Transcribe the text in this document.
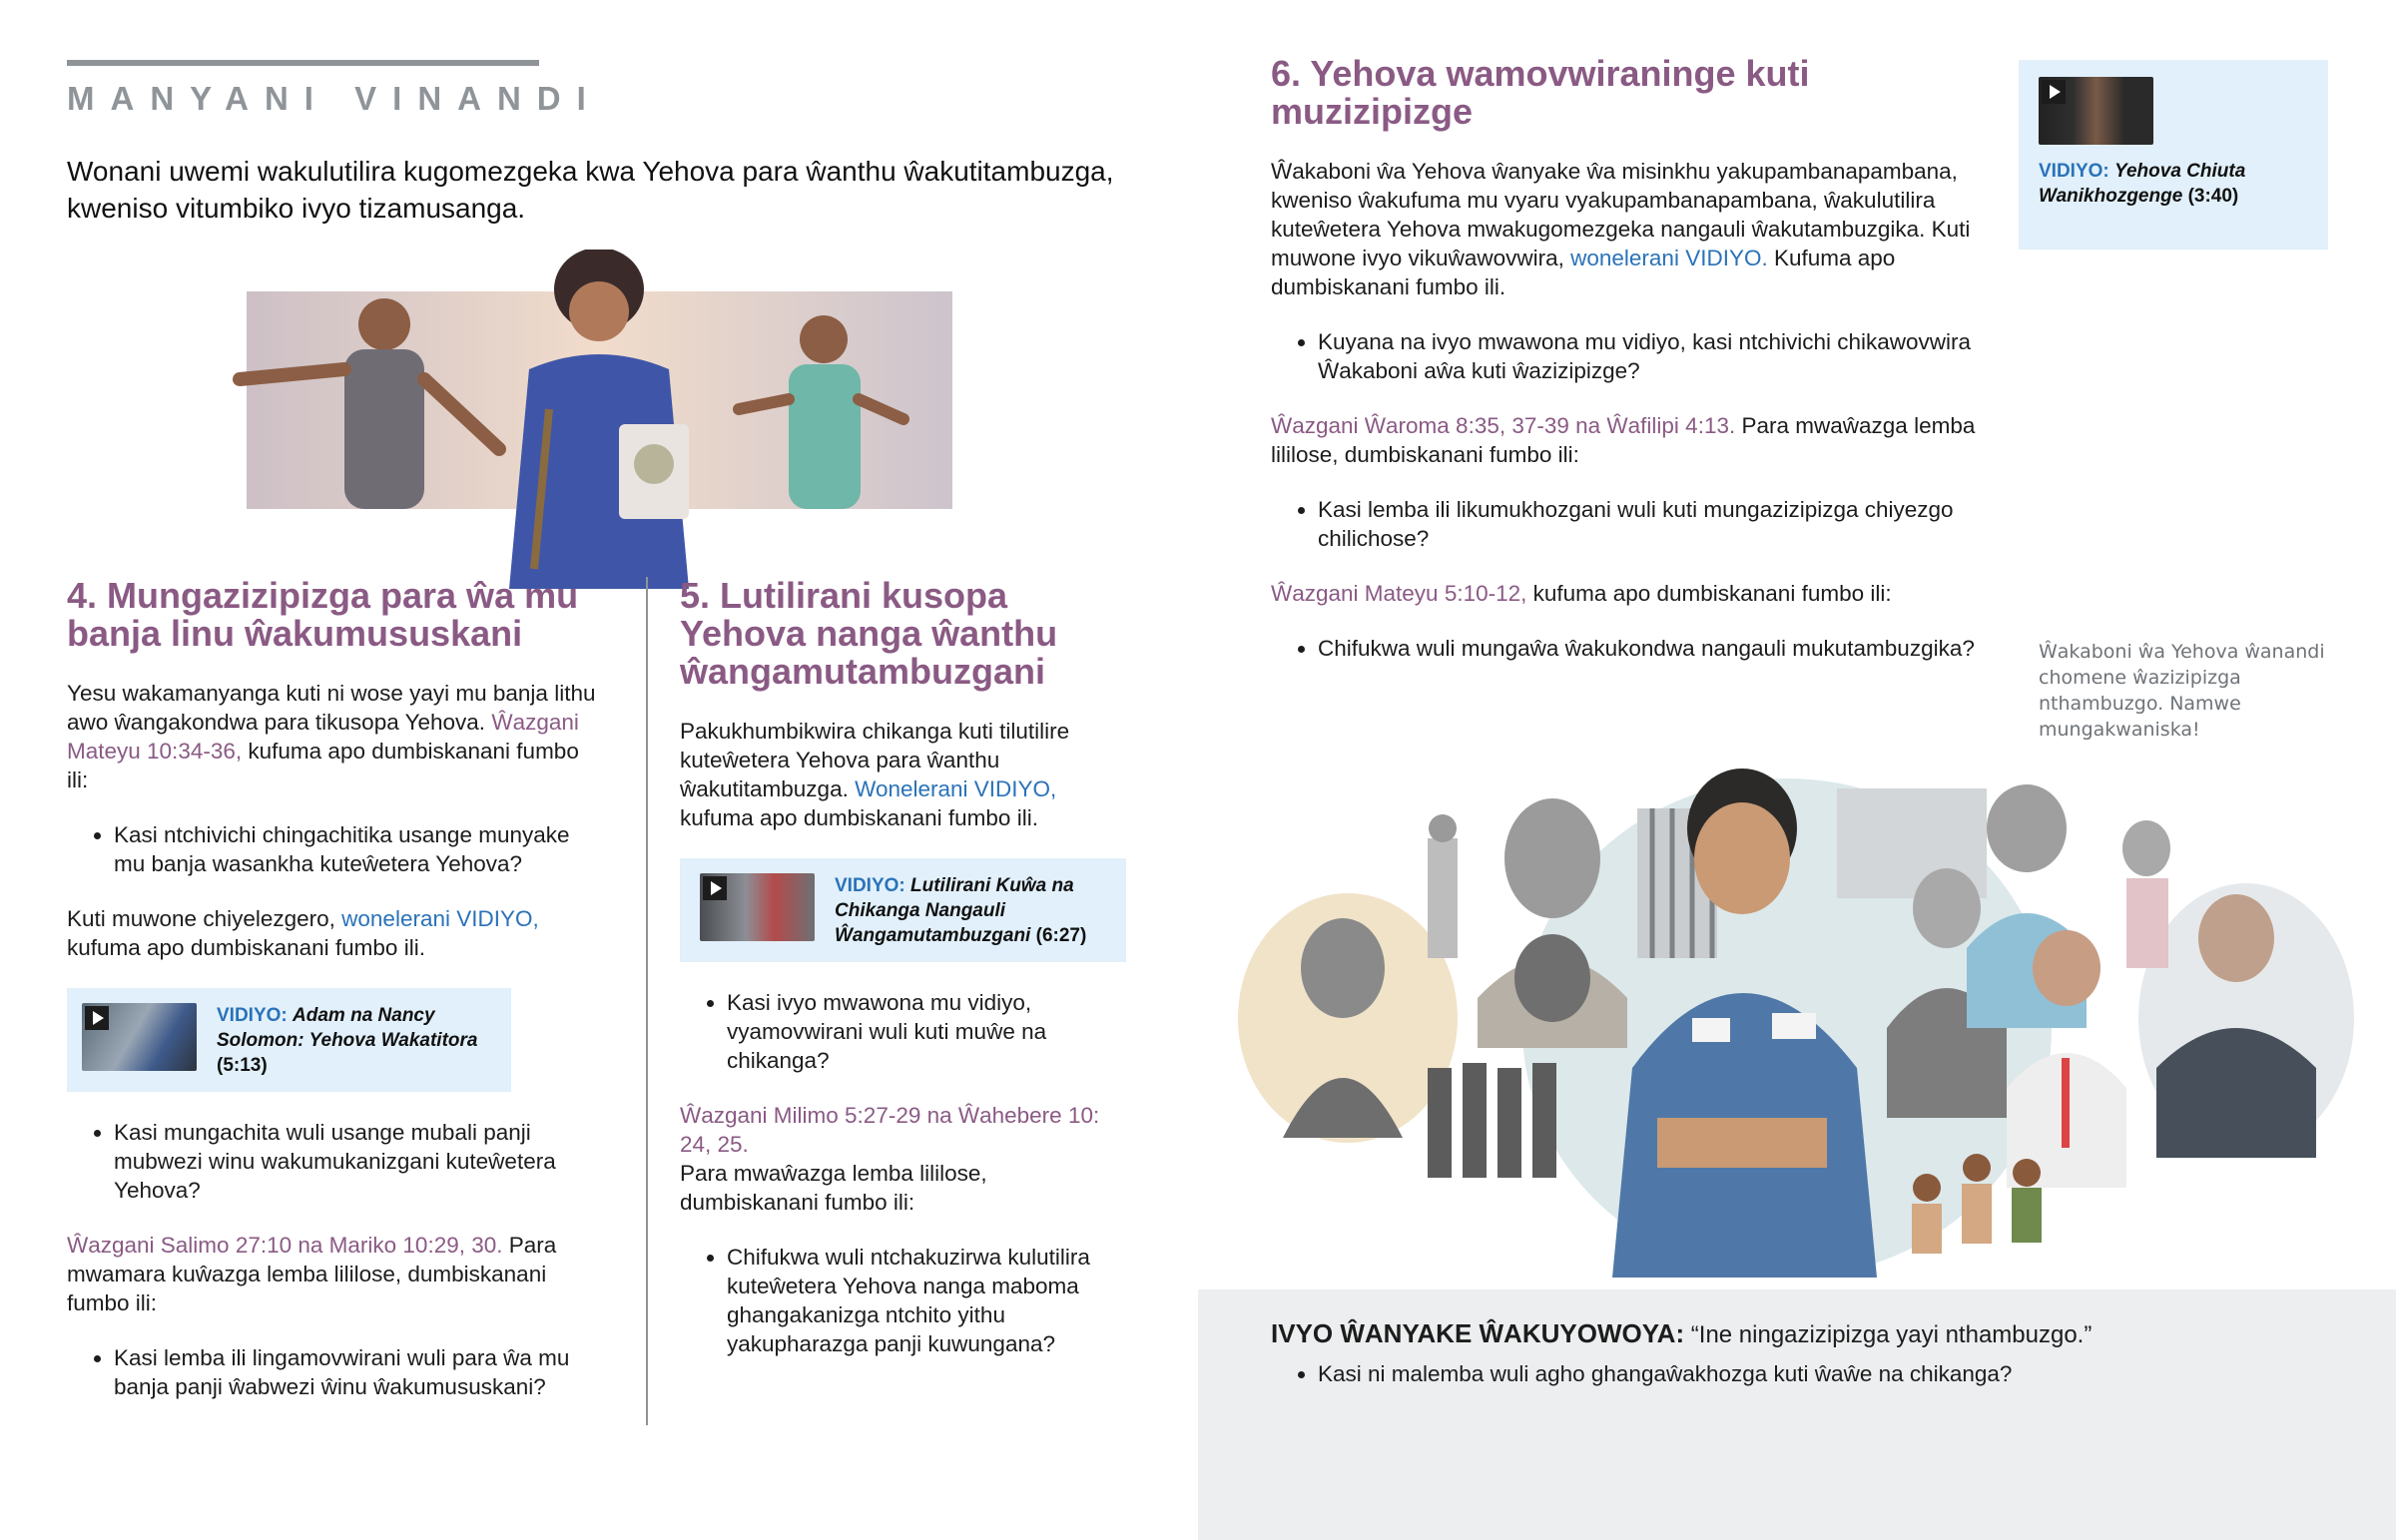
MANYANI VINANDI

Wonani uwemi wakulutilira kugomezgeka kwa Yehova para ŵanthu ŵakutitambuzga, kweniso vitumbiko ivyo tizamusanga.

4. Mungazizipizga para ŵa mu banja linu ŵakumususkani

Yesu wakamanyanga kuti ni wose yayi mu banja lithu awo ŵangakondwa para tikusopa Yehova. Ŵazgani Mateyu 10:34-36, kufuma apo dumbiskanani fumbo ili:

• Kasi ntchivichi chingachitika usange munyake mu banja wasankha kuteŵetera Yehova?

Kuti muwone chiyelezgero, wonelerani VIDIYO, kufuma apo dumbiskanani fumbo ili.

VIDIYO: Adam na Nancy Solomon: Yehova Wakatitora (5:13)
• Kasi mungachita wuli usange mubali panji mubwezi winu wakumukanizgani kuteŵetera Yehova?

Ŵazgani Salimo 27:10 na Mariko 10:29, 30. Para mwamara kuŵazga lemba lililose, dumbiskanani fumbo ili:

• Kasi lemba ili lingamovwirani wuli para ŵa mu banja panji ŵabwezi ŵinu ŵakumususkani?
5. Lutilirani kusopa Yehova nanga ŵanthu ŵangamutambuzgani

Pakukhumbikwira chikanga kuti tilutilire kuteŵetera Yehova para ŵanthu ŵakutitambuzga. Wonelerani VIDIYO, kufuma apo dumbiskanani fumbo ili.

VIDIYO: Lutilirani Kuŵa na Chikanga Nangauli Ŵangamutambuzgani (6:27)
• Kasi ivyo mwawona mu vidiyo, vyamovwirani wuli kuti muŵe na chikanga?

Ŵazgani Milimo 5:27-29 na Ŵahebere 10: 24, 25.
Para mwaŵazga lemba lililose, dumbiskanani fumbo ili:

• Chifukwa wuli ntchakuzirwa kulutilira kuteŵetera Yehova nanga maboma ghangakanizga ntchito yithu yakupharazga panji kuwungana?
6. Yehova wamovwiraninge kuti muzizipizge

Ŵakaboni ŵa Yehova ŵanyake ŵa misinkhu yakupambanapambana, kweniso ŵakufuma mu vyaru vyakupambanapambana, ŵakulutilira kuteŵetera Yehova mwakugomezgeka nangauli ŵakutambuzgika. Kuti muwone ivyo vikuŵawovwira, wonelerani VIDIYO. Kufuma apo dumbiskanani fumbo ili.

• Kuyana na ivyo mwawona mu vidiyo, kasi ntchivichi chikawovwira Ŵakaboni aŵa kuti ŵazizipizge?

Ŵazgani Ŵaroma 8:35, 37-39 na Ŵafilipi 4:13. Para mwaŵazga lemba lililose, dumbiskanani fumbo ili:

• Kasi lemba ili likumukhozgani wuli kuti mungazizipizga chiyezgo chilichose?

Ŵazgani Mateyu 5:10-12, kufuma apo dumbiskanani fumbo ili:

• Chifukwa wuli mungaŵa ŵakukondwa nangauli mukutambuzgika?
VIDIYO: Yehova Chiuta Wanikhozgenge (3:40)

Ŵakaboni ŵa Yehova ŵanandi chomene ŵazizipizga nthambuzgo. Namwe mungakwaniska!

IVYO ŴANYAKE ŴAKUYOWOYA: “Ine ningazizipizga yayi nthambuzgo.”
• Kasi ni malemba wuli agho ghangaŵakhozga kuti ŵaŵe na chikanga?
